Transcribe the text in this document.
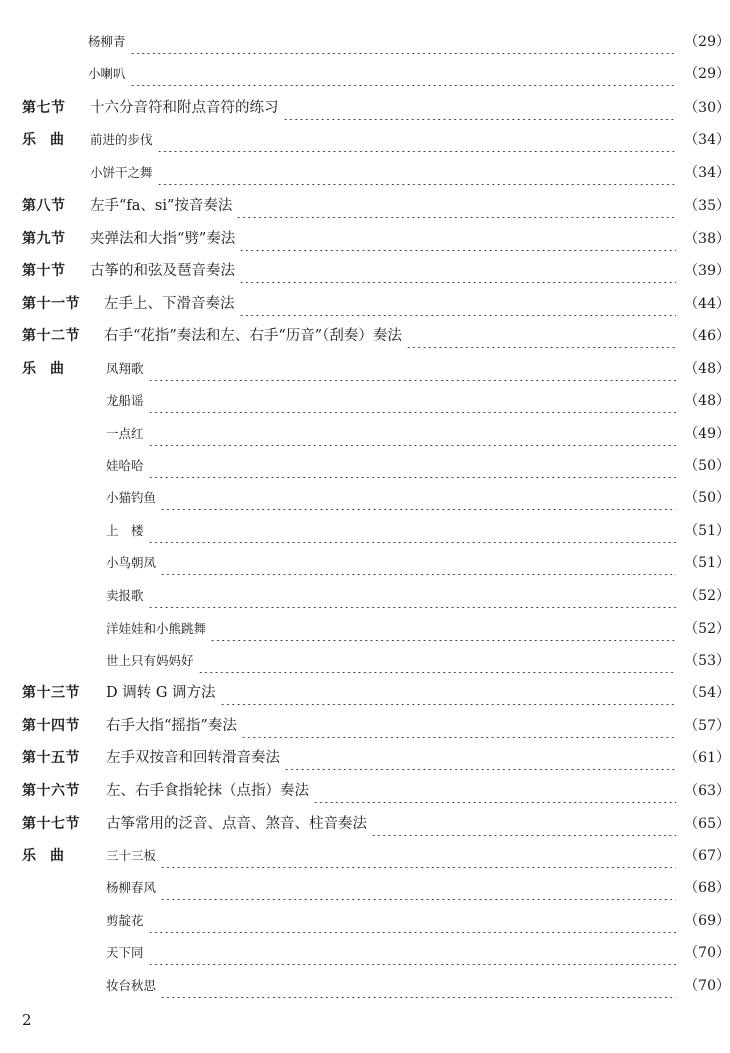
杨柳青	（29）
小喇叭	（29）
第七节 十六分音符和附点音符的练习	（30）
乐　曲 前进的步伐	（34）
小饼干之舞	（34）
第八节 左手“fa、si”按音奏法	（35）
第九节 夹弹法和大指“劈”奏法	（38）
第十节 古筝的和弦及琶音奏法	（39）
第十一节 左手上、下滑音奏法	（44）
第十二节 右手“花指”奏法和左、右手“历音”（刮奏）奏法	（46）
乐　曲	凤翔歌	（48）
龙船谣	（48）
一点红	（49）
娃哈哈	（50）
小猫钓鱼	（50）
上　楼	（51）
小鸟朝凤	（51）
卖报歌	（52）
洋娃娃和小熊跳舞	（52）
世上只有妈妈好	（53）
第十三节 D 调转 G 调方法	（54）
第十四节 右手大指“摇指”奏法	（57）
第十五节 左手双按音和回转滑音奏法	（61）
第十六节 左、右手食指轮抹（点指）奏法	（63）
第十七节 古筝常用的泛音、点音、煞音、柱音奏法	（65）
乐　曲	三十三板	（67）
杨柳春风	（68）
剪靛花	（69）
天下同	（70）
妆台秋思	（70）
2
